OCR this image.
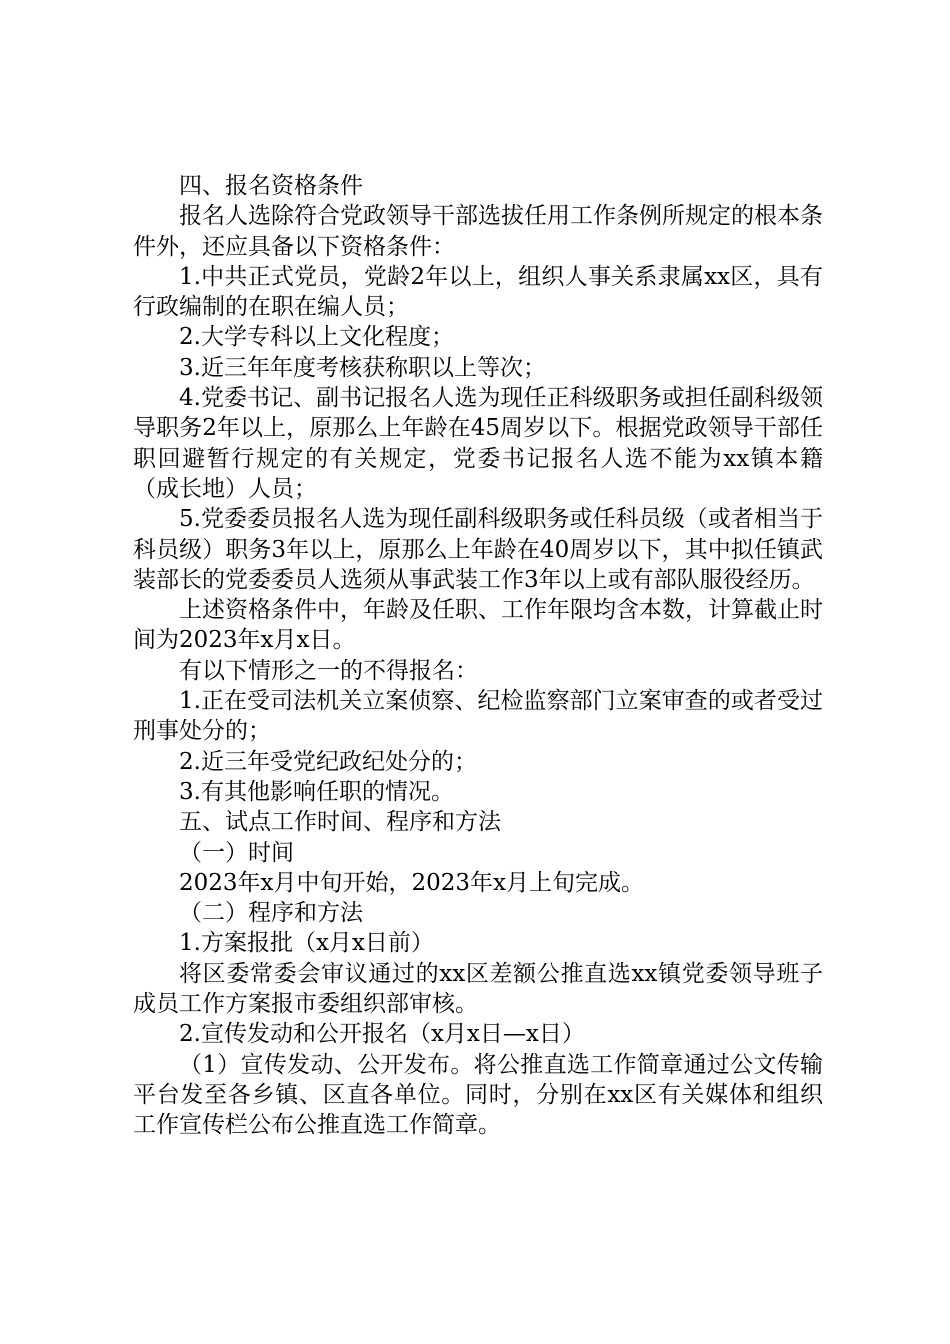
四、报名资格条件

报名人选除符合党政领导干部选拔任用工作条例所规定的根本条件外，还应具备以下资格条件：

1.中共正式党员，党龄2年以上，组织人事关系隶属xx区，具有行政编制的在职在编人员；

2.大学专科以上文化程度；

3.近三年年度考核获称职以上等次；

4.党委书记、副书记报名人选为现任正科级职务或担任副科级领导职务2年以上，原那么上年龄在45周岁以下。根据党政领导干部任职回避暂行规定的有关规定，党委书记报名人选不能为xx镇本籍（成长地）人员；

5.党委委员报名人选为现任副科级职务或任科员级（或者相当于科员级）职务3年以上，原那么上年龄在40周岁以下，其中拟任镇武装部长的党委委员人选须从事武装工作3年以上或有部队服役经历。

上述资格条件中，年龄及任职、工作年限均含本数，计算截止时间为2023年x月x日。

有以下情形之一的不得报名：

1.正在受司法机关立案侦察、纪检监察部门立案审查的或者受过刑事处分的；

2.近三年受党纪政纪处分的；

3.有其他影响任职的情况。

五、试点工作时间、程序和方法

（一）时间

2023年x月中旬开始，2023年x月上旬完成。

（二）程序和方法

1.方案报批（x月x日前）

将区委常委会审议通过的xx区差额公推直选xx镇党委领导班子成员工作方案报市委组织部审核。

2.宣传发动和公开报名（x月x日—x日）

（1）宣传发动、公开发布。将公推直选工作简章通过公文传输平台发至各乡镇、区直各单位。同时，分别在xx区有关媒体和组织工作宣传栏公布公推直选工作简章。
